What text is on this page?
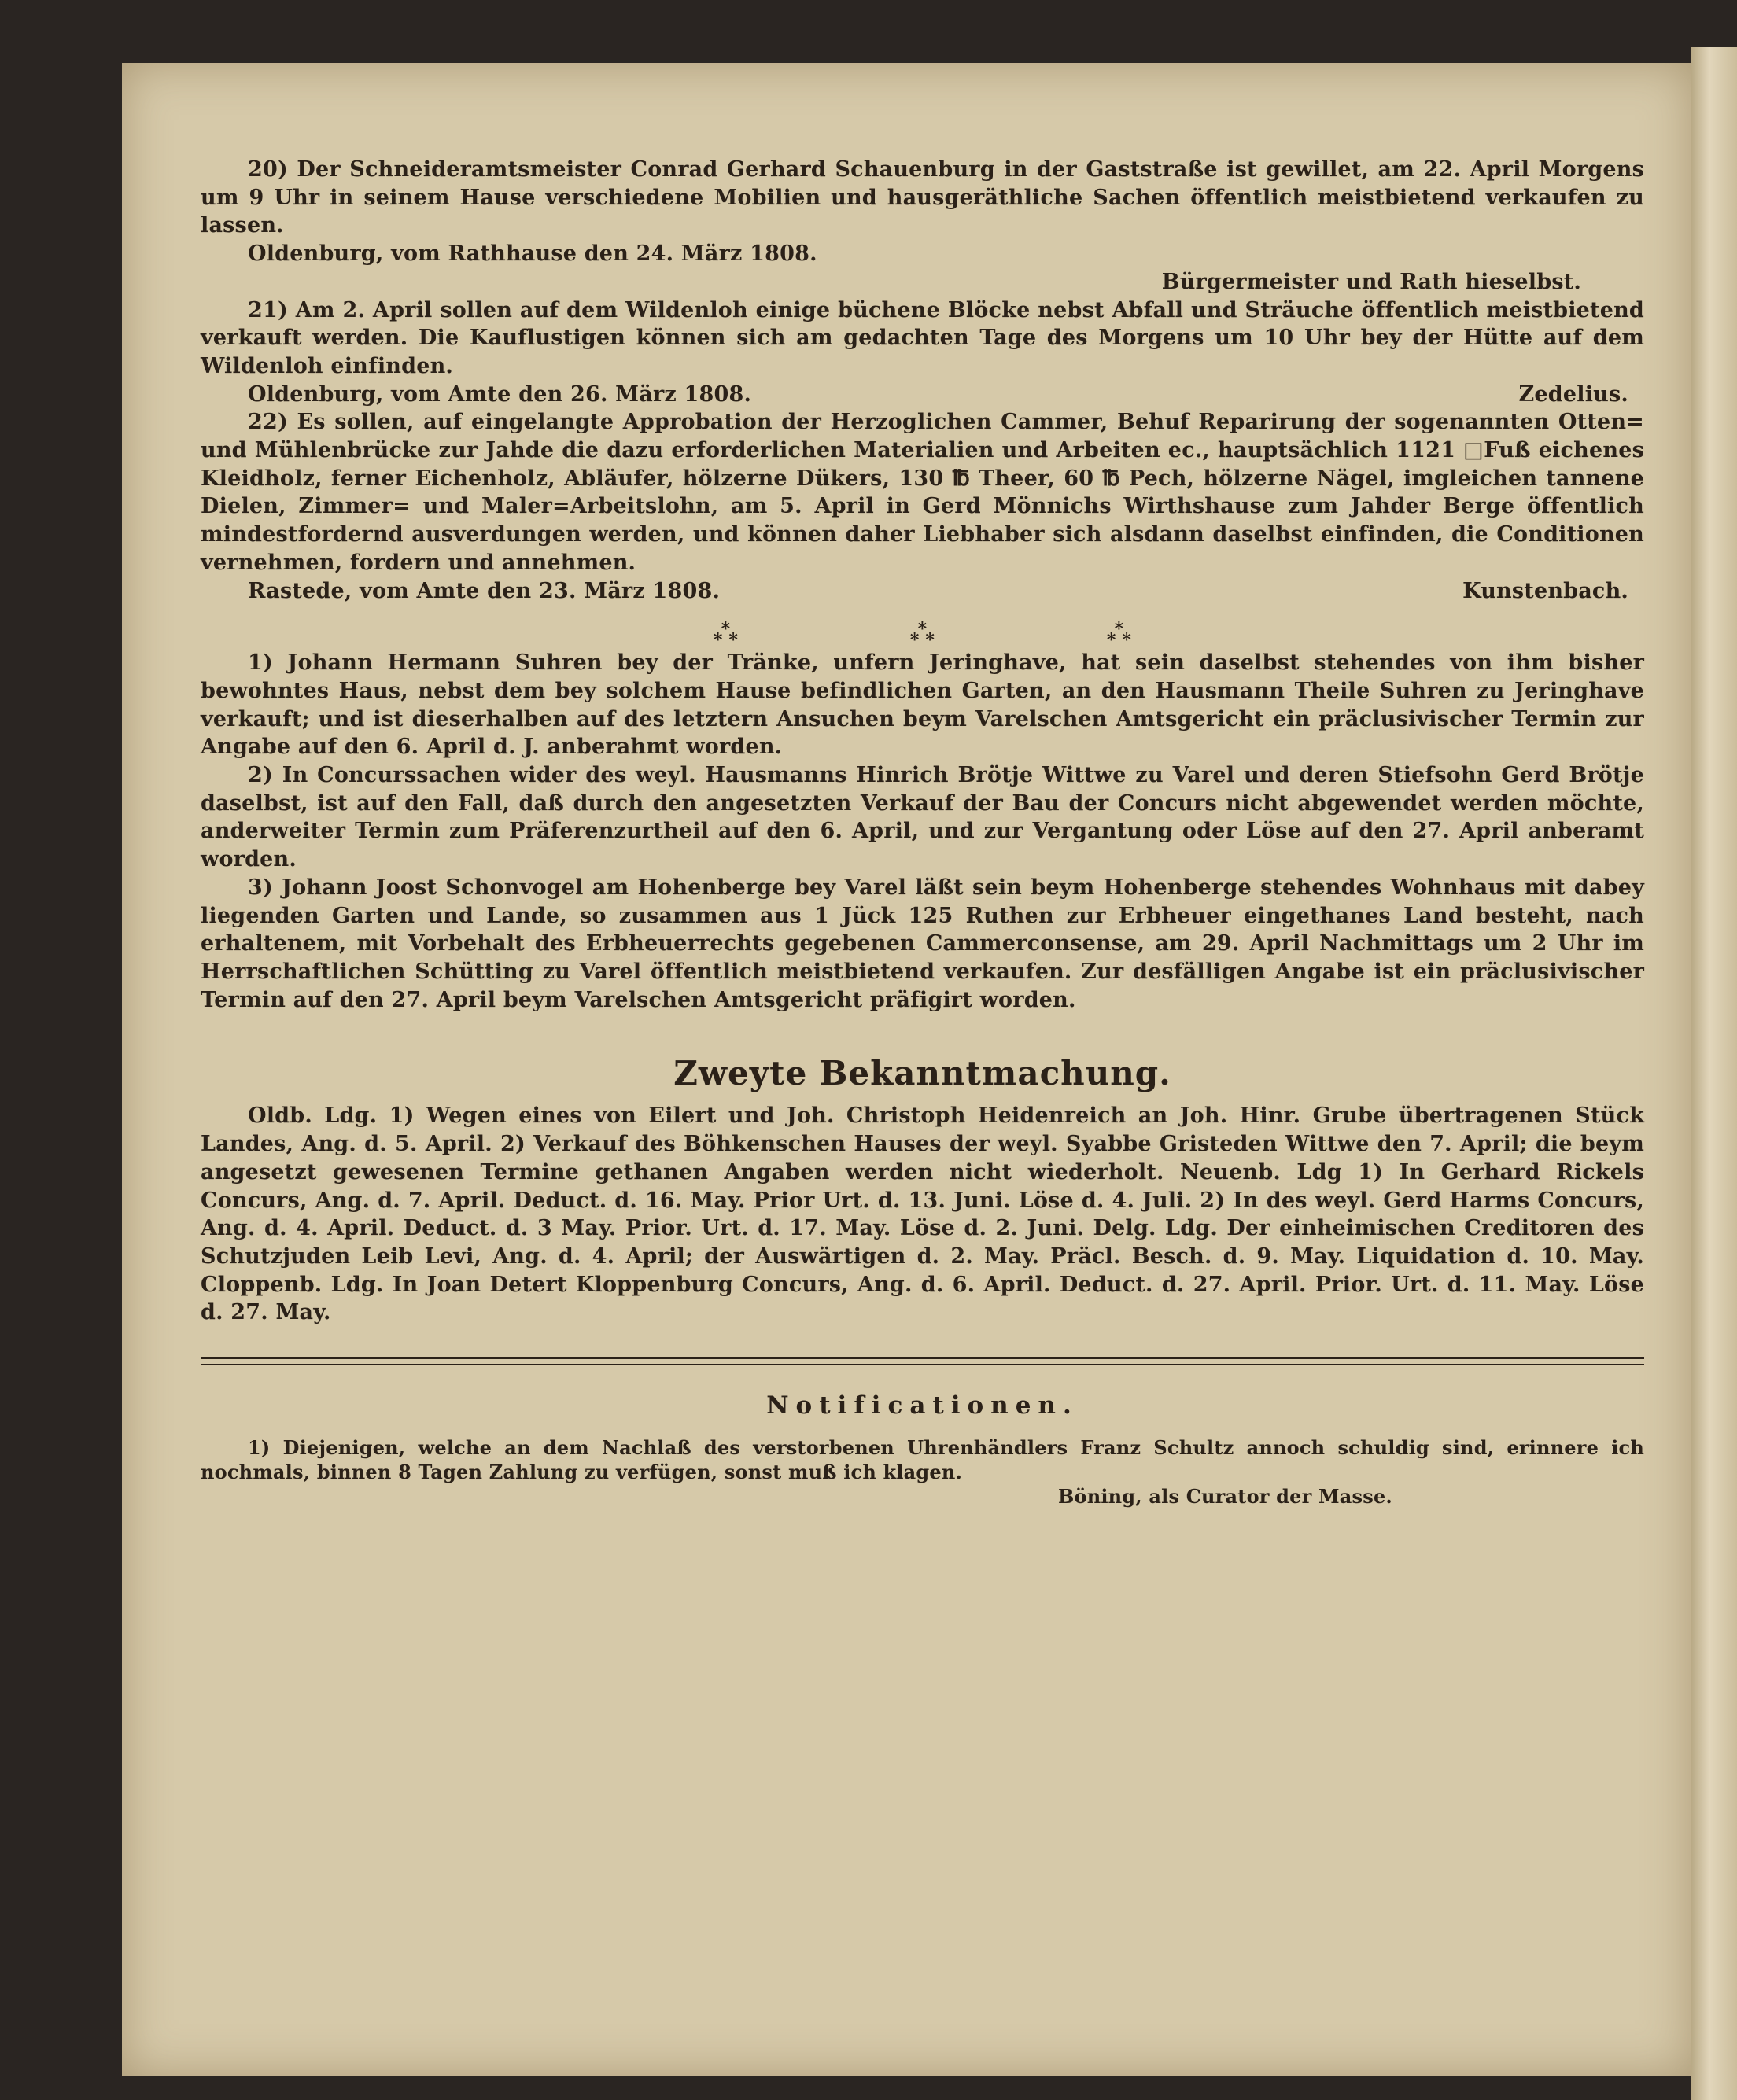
20) Der Schneideramtsmeister Conrad Gerhard Schauenburg in der Gaststraße ist gewillet, am 22. April Morgens um 9 Uhr in seinem Hause verschiedene Mobilien und hausgeräthliche Sachen öffentlich meistbietend verkaufen zu lassen.

Oldenburg, vom Rathhause den 24. März 1808.

Bürgermeister und Rath hieselbst.

21) Am 2. April sollen auf dem Wildenloh einige büchene Blöcke nebst Abfall und Sträuche öffentlich meistbietend verkauft werden. Die Kauflustigen können sich am gedachten Tage des Morgens um 10 Uhr bey der Hütte auf dem Wildenloh einfinden.

Oldenburg, vom Amte den 26. März 1808.	Zedelius.

22) Es sollen, auf eingelangte Approbation der Herzoglichen Cammer, Behuf Reparirung der sogenannten Otten= und Mühlenbrücke zur Jahde die dazu erforderlichen Materialien und Arbeiten ec., hauptsächlich 1121 □Fuß eichenes Kleidholz, ferner Eichenholz, Abläufer, hölzerne Dükers, 130 ℔ Theer, 60 ℔ Pech, hölzerne Nägel, imgleichen tannene Dielen, Zimmer= und Maler=Arbeitslohn, am 5. April in Gerd Mönnichs Wirthshause zum Jahder Berge öffentlich mindestfordernd ausverdungen werden, und können daher Liebhaber sich alsdann daselbst einfinden, die Conditionen vernehmen, fordern und annehmen.

Rastede, vom Amte den 23. März 1808.	Kunstenbach.

*
* *
*
* *
*
* *

1) Johann Hermann Suhren bey der Tränke, unfern Jeringhave, hat sein daselbst stehendes von ihm bisher bewohntes Haus, nebst dem bey solchem Hause befindlichen Garten, an den Hausmann Theile Suhren zu Jeringhave verkauft; und ist dieserhalben auf des letztern Ansuchen beym Varelschen Amtsgericht ein präclusivischer Termin zur Angabe auf den 6. April d. J. anberahmt worden.

2) In Concurssachen wider des weyl. Hausmanns Hinrich Brötje Wittwe zu Varel und deren Stiefsohn Gerd Brötje daselbst, ist auf den Fall, daß durch den angesetzten Verkauf der Bau der Concurs nicht abgewendet werden möchte, anderweiter Termin zum Präferenzurtheil auf den 6. April, und zur Vergantung oder Löse auf den 27. April anberamt worden.

3) Johann Joost Schonvogel am Hohenberge bey Varel läßt sein beym Hohenberge stehendes Wohnhaus mit dabey liegenden Garten und Lande, so zusammen aus 1 Jück 125 Ruthen zur Erbheuer eingethanes Land besteht, nach erhaltenem, mit Vorbehalt des Erbheuerrechts gegebenen Cammerconsense, am 29. April Nachmittags um 2 Uhr im Herrschaftlichen Schütting zu Varel öffentlich meistbietend verkaufen. Zur desfälligen Angabe ist ein präclusivischer Termin auf den 27. April beym Varelschen Amtsgericht präfigirt worden.

Zweyte Bekanntmachung.

Oldb. Ldg. 1) Wegen eines von Eilert und Joh. Christoph Heidenreich an Joh. Hinr. Grube übertragenen Stück Landes, Ang. d. 5. April. 2) Verkauf des Böhkenschen Hauses der weyl. Syabbe Gristeden Wittwe den 7. April; die beym angesetzt gewesenen Termine gethanen Angaben werden nicht wiederholt. Neuenb. Ldg 1) In Gerhard Rickels Concurs, Ang. d. 7. April. Deduct. d. 16. May. Prior Urt. d. 13. Juni. Löse d. 4. Juli. 2) In des weyl. Gerd Harms Concurs, Ang. d. 4. April. Deduct. d. 3 May. Prior. Urt. d. 17. May. Löse d. 2. Juni. Delg. Ldg. Der einheimischen Creditoren des Schutzjuden Leib Levi, Ang. d. 4. April; der Auswärtigen d. 2. May. Präcl. Besch. d. 9. May. Liquidation d. 10. May. Cloppenb. Ldg. In Joan Detert Kloppenburg Concurs, Ang. d. 6. April. Deduct. d. 27. April. Prior. Urt. d. 11. May. Löse d. 27. May.

Notificationen.

1) Diejenigen, welche an dem Nachlaß des verstorbenen Uhrenhändlers Franz Schultz annoch schuldig sind, erinnere ich nochmals, binnen 8 Tagen Zahlung zu verfügen, sonst muß ich klagen.

Böning, als Curator der Masse.
